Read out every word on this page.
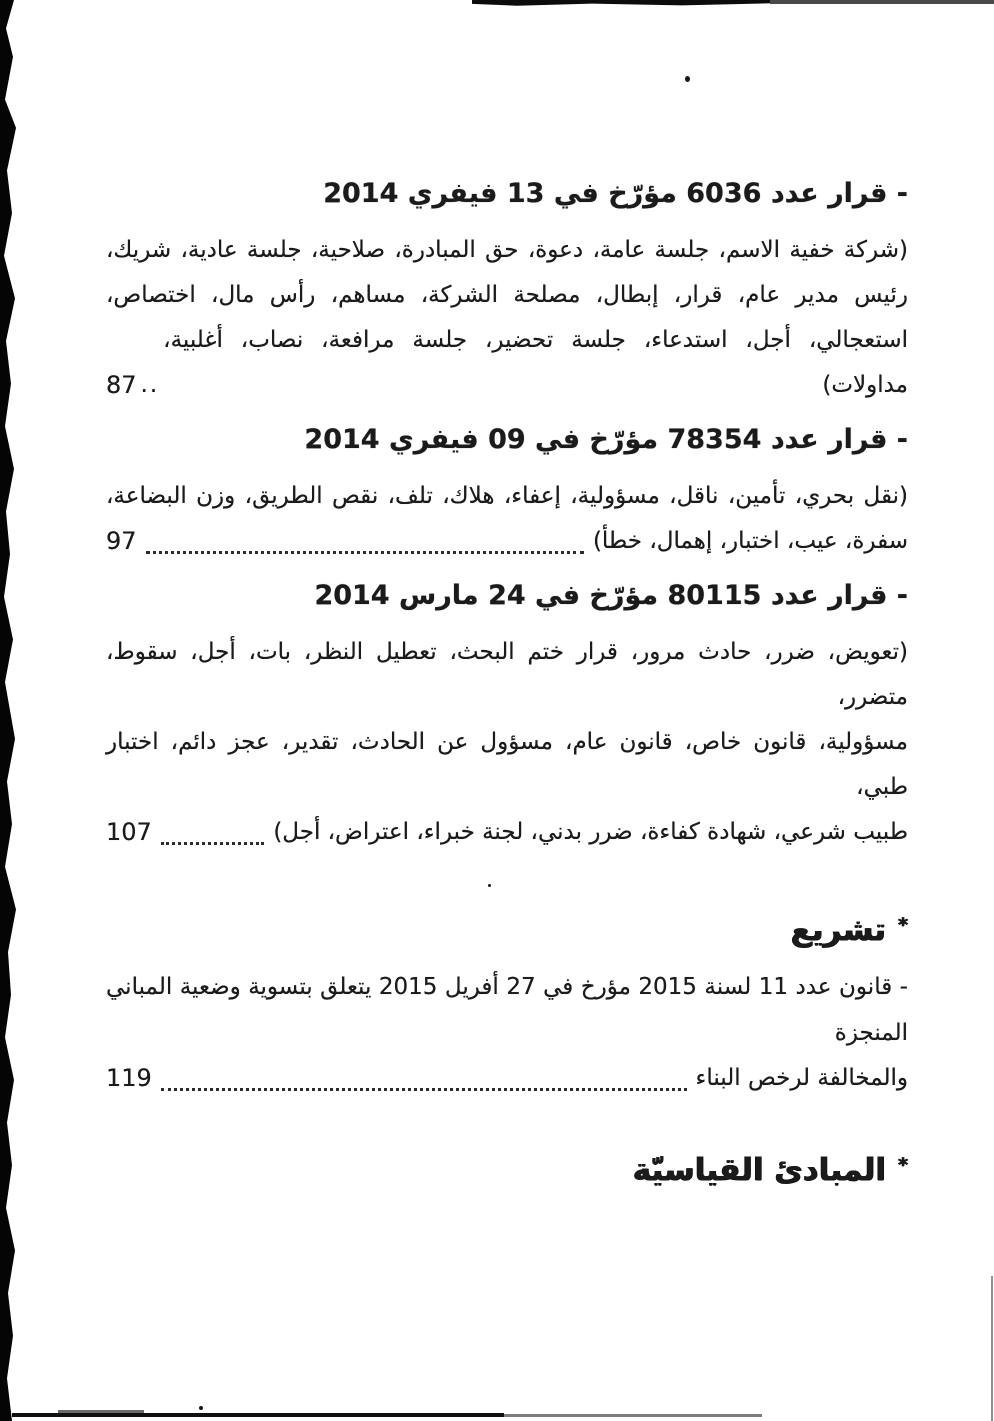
- قرار عدد 6036 مؤرّخ في 13 فيفري 2014
(شركة خفية الاسم، جلسة عامة، دعوة، حق المبادرة، صلاحية، جلسة عادية، شريك،
رئيس مدير عام، قرار، إبطال، مصلحة الشركة، مساهم، رأس مال، اختصاص،
استعجالي، أجل، استدعاء، جلسة تحضير، جلسة مرافعة، نصاب، أغلبية، مداولات)
..
87
- قرار عدد 78354 مؤرّخ في 09 فيفري 2014
(نقل بحري، تأمين، ناقل، مسؤولية، إعفاء، هلاك، تلف، نقص الطريق، وزن البضاعة،
سفرة، عيب، اختبار، إهمال، خطأ)
97
- قرار عدد 80115 مؤرّخ في 24 مارس 2014
(تعويض، ضرر، حادث مرور، قرار ختم البحث، تعطيل النظر، بات، أجل، سقوط، متضرر،
مسؤولية، قانون خاص، قانون عام، مسؤول عن الحادث، تقدير، عجز دائم، اختبار طبي،
طبيب شرعي، شهادة كفاءة، ضرر بدني، لجنة خبراء، اعتراض، أجل)
107
*تشريع
- قانون عدد 11 لسنة 2015 مؤرخ في 27 أفريل 2015 يتعلق بتسوية وضعية المباني المنجزة
والمخالفة لرخص البناء
119
*المبادئ القياسيّة
